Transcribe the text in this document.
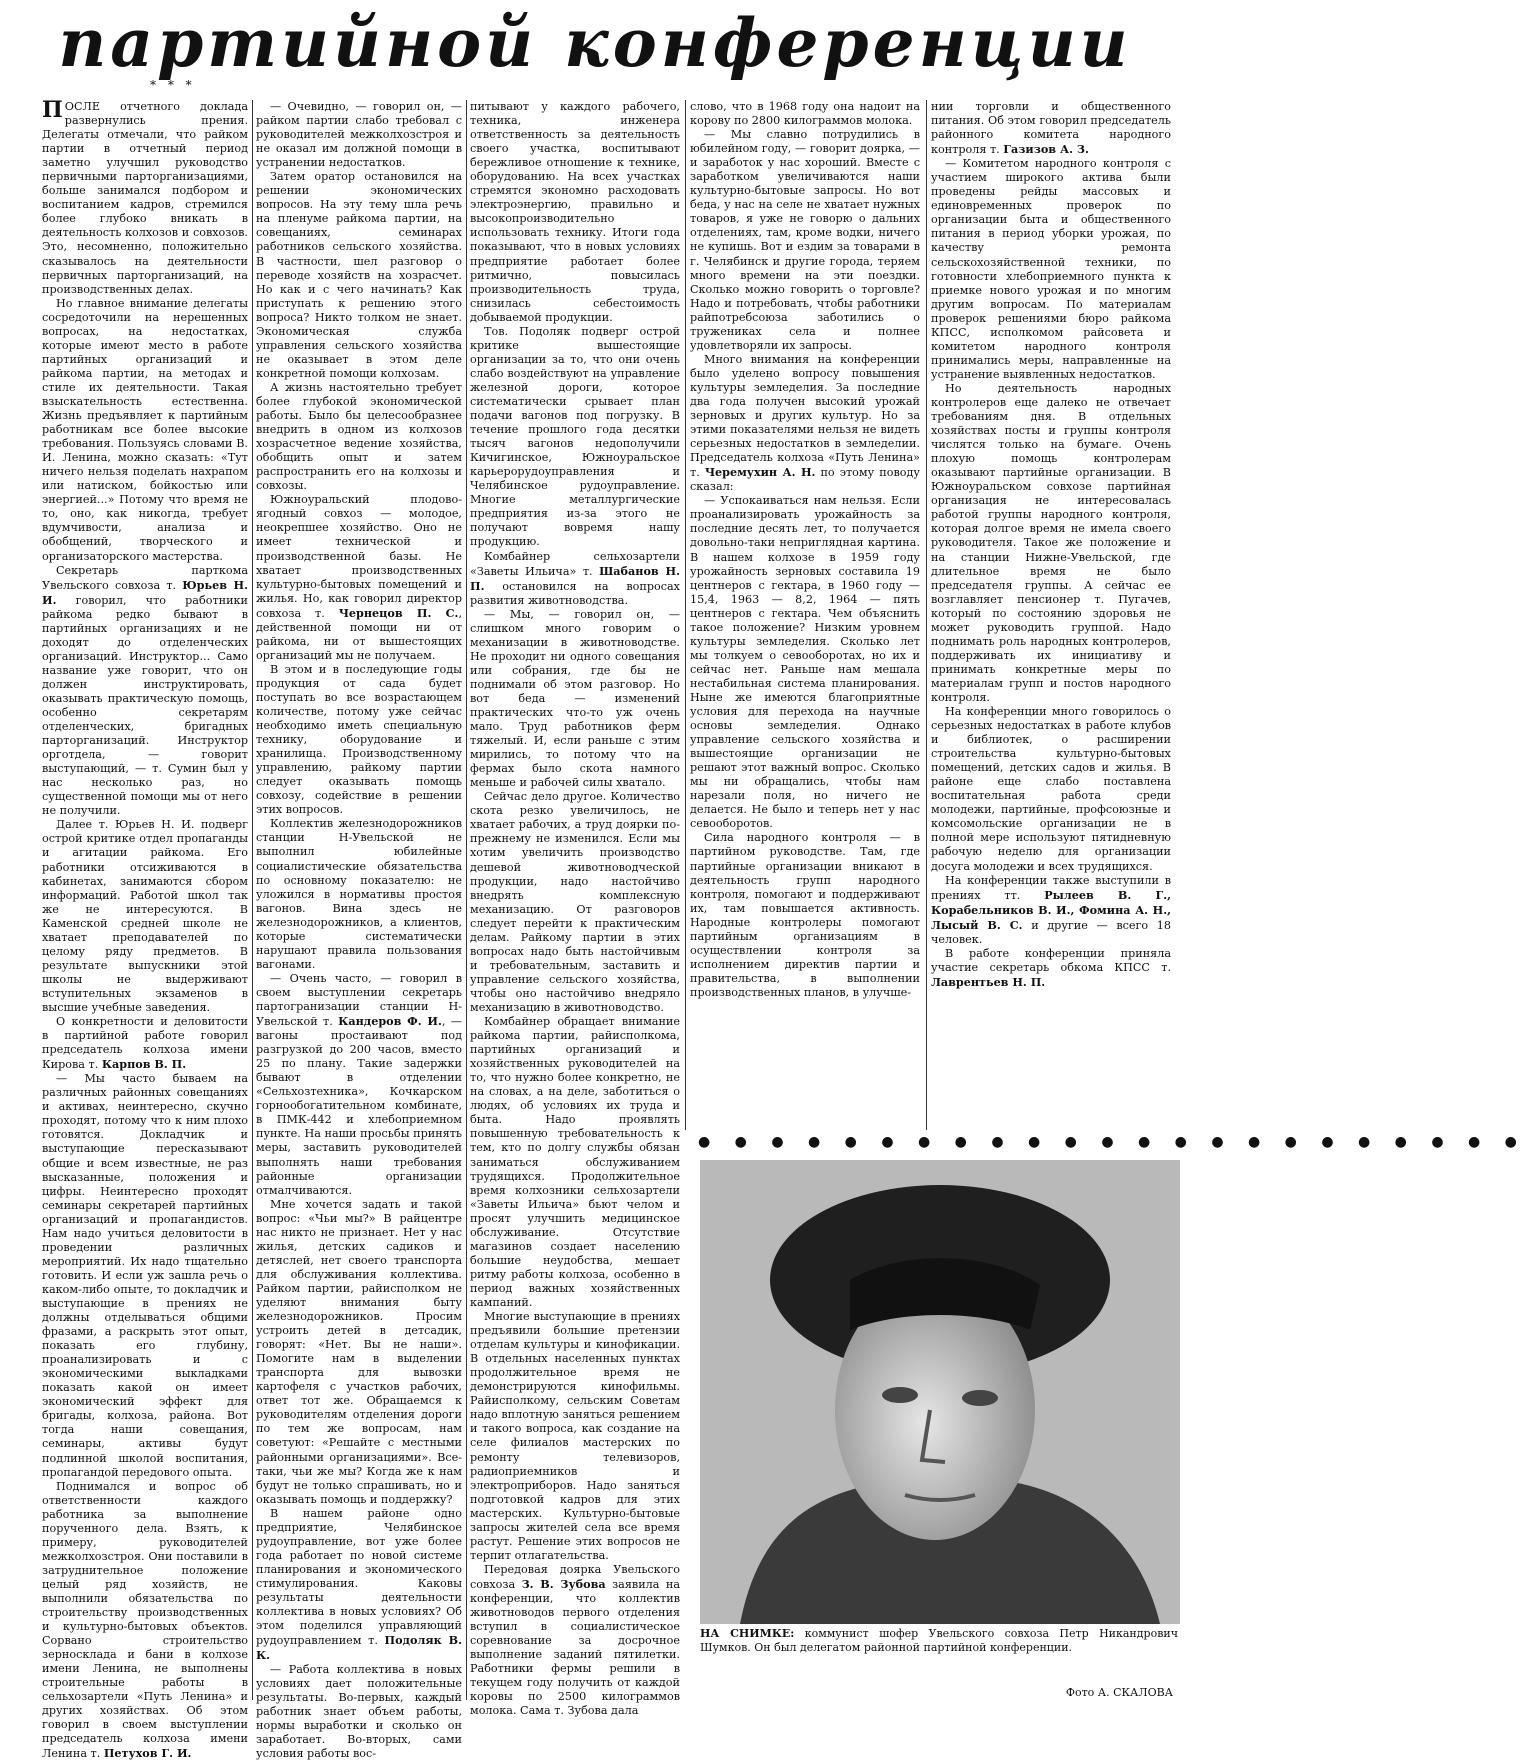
партийной конференции
* * *

ПОСЛЕ отчетного доклада развернулись прения. Делегаты отмечали, что райком партии в отчетный период заметно улучшил руководство первичными парторганизациями, больше занимался подбором и воспитанием кадров, стремился более глубоко вникать в деятельность колхозов и совхозов. Это, несомненно, положительно сказывалось на деятельности первичных парторганизаций, на производственных делах.

Но главное внимание делегаты сосредоточили на нерешенных вопросах, на недостатках, которые имеют место в работе партийных организаций и райкома партии, на методах и стиле их деятельности. Такая взыскательность естественна. Жизнь предъявляет к партийным работникам все более высокие требования. Пользуясь словами В. И. Ленина, можно сказать: «Тут ничего нельзя поделать нахрапом или натиском, бойкостью или энергией...» Потому что время не то, оно, как никогда, требует вдумчивости, анализа и обобщений, творческого и организаторского мастерства.

Секретарь парткома Увельского совхоза т. Юрьев Н. И. говорил, что работники райкома редко бывают в партийных организациях и не доходят до отделенческих организаций. Инструктор... Само название уже говорит, что он должен инструктировать, оказывать практическую помощь, особенно секретарям отделенческих, бригадных парторганизаций. Инструктор орготдела, — говорит выступающий, — т. Сумин был у нас несколько раз, но существенной помощи мы от него не получили.

Далее т. Юрьев Н. И. подверг острой критике отдел пропаганды и агитации райкома. Его работники отсиживаются в кабинетах, занимаются сбором информаций. Работой школ так же не интересуются. В Каменской средней школе не хватает преподавателей по целому ряду предметов. В результате выпускники этой школы не выдерживают вступительных экзаменов в высшие учебные заведения.

О конкретности и деловитости в партийной работе говорил председатель колхоза имени Кирова т. Карпов В. П.

— Мы часто бываем на различных районных совещаниях и активах, неинтересно, скучно проходят, потому что к ним плохо готовятся. Докладчик и выступающие пересказывают общие и всем известные, не раз высказанные, положения и цифры. Неинтересно проходят семинары секретарей партийных организаций и пропагандистов. Нам надо учиться деловитости в проведении различных мероприятий. Их надо тщательно готовить. И если уж зашла речь о каком-либо опыте, то докладчик и выступающие в прениях не должны отделываться общими фразами, а раскрыть этот опыт, показать его глубину, проанализировать и с экономическими выкладками показать какой он имеет экономический эффект для бригады, колхоза, района. Вот тогда наши совещания, семинары, активы будут подлинной школой воспитания, пропагандой передового опыта.

Поднимался и вопрос об ответственности каждого работника за выполнение порученного дела. Взять, к примеру, руководителей межколхозстроя. Они поставили в затруднительное положение целый ряд хозяйств, не выполнили обязательства по строительству производственных и культурно-бытовых объектов. Сорвано строительство зерносклада и бани в колхозе имени Ленина, не выполнены строительные работы в сельхозартели «Путь Ленина» и других хозяйствах. Об этом говорил в своем выступлении председатель колхоза имени Ленина т. Петухов Г. И.

— Очевидно, — говорил он, — райком партии слабо требовал с руководителей межколхозстроя и не оказал им должной помощи в устранении недостатков.

Затем оратор остановился на решении экономических вопросов. На эту тему шла речь на пленуме райкома партии, на совещаниях, семинарах работников сельского хозяйства. В частности, шел разговор о переводе хозяйств на хозрасчет. Но как и с чего начинать? Как приступать к решению этого вопроса? Никто толком не знает. Экономическая служба управления сельского хозяйства не оказывает в этом деле конкретной помощи колхозам.

А жизнь настоятельно требует более глубокой экономической работы. Было бы целесообразнее внедрить в одном из колхозов хозрасчетное ведение хозяйства, обобщить опыт и затем распространить его на колхозы и совхозы.

Южноуральский плодово-ягодный совхоз — молодое, неокрепшее хозяйство. Оно не имеет технической и производственной базы. Не хватает производственных культурно-бытовых помещений и жилья. Но, как говорил директор совхоза т. Чернецов П. С., действенной помощи ни от райкома, ни от вышестоящих организаций мы не получаем.

В этом и в последующие годы продукция от сада будет поступать во все возрастающем количестве, потому уже сейчас необходимо иметь специальную технику, оборудование и хранилища. Производственному управлению, райкому партии следует оказывать помощь совхозу, содействие в решении этих вопросов.

Коллектив железнодорожников станции Н-Увельской не выполнил юбилейные социалистические обязательства по основному показателю: не уложился в нормативы простоя вагонов. Вина здесь не железнодорожников, а клиентов, которые систематически нарушают правила пользования вагонами.

— Очень часто, — говорил в своем выступлении секретарь партогранизации станции Н-Увельской т. Кандеров Ф. И., — вагоны простаивают под разгрузкой до 200 часов, вместо 25 по плану. Такие задержки бывают в отделении «Сельхозтехника», Кочкарском горнообогатительном комбинате, в ПМК-442 и хлебоприемном пункте. На наши просьбы принять меры, заставить руководителей выполнять наши требования районные организации отмалчиваются.

Мне хочется задать и такой вопрос: «Чьи мы?» В райцентре нас никто не признает. Нет у нас жилья, детских садиков и детяслей, нет своего транспорта для обслуживания коллектива. Райком партии, райисполком не уделяют внимания быту железнодорожников. Просим устроить детей в детсадик, говорят: «Нет. Вы не наши». Помогите нам в выделении транспорта для вывозки картофеля с участков рабочих, ответ тот же. Обращаемся к руководителям отделения дороги по тем же вопросам, нам советуют: «Решайте с местными районными организациями». Все-таки, чьи же мы? Когда же к нам будут не только спрашивать, но и оказывать помощь и поддержку?

В нашем районе одно предприятие, Челябинское рудоуправление, вот уже более года работает по новой системе планирования и экономического стимулирования. Каковы результаты деятельности коллектива в новых условиях? Об этом поделился управляющий рудоуправлением т. Подоляк В. К.

— Работа коллектива в новых условиях дает положительные результаты. Во-первых, каждый работник знает объем работы, нормы выработки и сколько он заработает. Во-вторых, сами условия работы вос-

питывают у каждого рабочего, техника, инженера ответственность за деятельность своего участка, воспитывают бережливое отношение к технике, оборудованию. На всех участках стремятся экономно расходовать электроэнергию, правильно и высокопроизводительно использовать технику. Итоги года показывают, что в новых условиях предприятие работает более ритмично, повысилась производительность труда, снизилась себестоимость добываемой продукции.

Тов. Подоляк подверг острой критике вышестоящие организации за то, что они очень слабо воздействуют на управление железной дороги, которое систематически срывает план подачи вагонов под погрузку. В течение прошлого года десятки тысяч вагонов недополучили Кичигинское, Южноуральское карьерорудоуправления и Челябинское рудоуправление. Многие металлургические предприятия из-за этого не получают вовремя нашу продукцию.

Комбайнер сельхозартели «Заветы Ильича» т. Шабанов Н. П. остановился на вопросах развития животноводства.

— Мы, — говорил он, — слишком много говорим о механизации в животноводстве. Не проходит ни одного совещания или собрания, где бы не поднимали об этом разговор. Но вот беда — изменений практических что-то уж очень мало. Труд работников ферм тяжелый. И, если раньше с этим мирились, то потому что на фермах было скота намного меньше и рабочей силы хватало.

Сейчас дело другое. Количество скота резко увеличилось, не хватает рабочих, а труд доярки по-прежнему не изменился. Если мы хотим увеличить производство дешевой животноводческой продукции, надо настойчиво внедрять комплексную механизацию. От разговоров следует перейти к практическим делам. Райкому партии в этих вопросах надо быть настойчивым и требовательным, заставить и управление сельского хозяйства, чтобы оно настойчиво внедряло механизацию в животноводство.

Комбайнер обращает внимание райкома партии, райисполкома, партийных организаций и хозяйственных руководителей на то, что нужно более конкретно, не на словах, а на деле, заботиться о людях, об условиях их труда и быта. Надо проявлять повышенную требовательность к тем, кто по долгу службы обязан заниматься обслуживанием трудящихся. Продолжительное время колхозники сельхозартели «Заветы Ильича» бьют челом и просят улучшить медицинское обслуживание. Отсутствие магазинов создает населению большие неудобства, мешает ритму работы колхоза, особенно в период важных хозяйственных кампаний.

Многие выступающие в прениях предъявили большие претензии отделам культуры и кинофикации. В отдельных населенных пунктах продолжительное время не демонстрируются кинофильмы. Райисполкому, сельским Советам надо вплотную заняться решением и такого вопроса, как создание на селе филиалов мастерских по ремонту телевизоров, радиоприемников и электроприборов. Надо заняться подготовкой кадров для этих мастерских. Культурно-бытовые запросы жителей села все время растут. Решение этих вопросов не терпит отлагательства.

Передовая доярка Увельского совхоза З. В. Зубова заявила на конференции, что коллектив животноводов первого отделения вступил в социалистическое соревнование за досрочное выполнение заданий пятилетки. Работники фермы решили в текущем году получить от каждой коровы по 2500 килограммов молока. Сама т. Зубова дала

слово, что в 1968 году она надоит на корову по 2800 килограммов молока.

— Мы славно потрудились в юбилейном году, — говорит доярка, — и заработок у нас хороший. Вместе с заработком увеличиваются наши культурно-бытовые запросы. Но вот беда, у нас на селе не хватает нужных товаров, я уже не говорю о дальних отделениях, там, кроме водки, ничего не купишь. Вот и ездим за товарами в г. Челябинск и другие города, теряем много времени на эти поездки. Сколько можно говорить о торговле? Надо и потребовать, чтобы работники райпотребсоюза заботились о тружениках села и полнее удовлетворяли их запросы.

Много внимания на конференции было уделено вопросу повышения культуры земледелия. За последние два года получен высокий урожай зерновых и других культур. Но за этими показателями нельзя не видеть серьезных недостатков в земледелии. Председатель колхоза «Путь Ленина» т. Черемухин А. Н. по этому поводу сказал:

— Успокаиваться нам нельзя. Если проанализировать урожайность за последние десять лет, то получается довольно-таки неприглядная картина. В нашем колхозе в 1959 году урожайность зерновых составила 19 центнеров с гектара, в 1960 году — 15,4, 1963 — 8,2, 1964 — пять центнеров с гектара. Чем объяснить такое положение? Низким уровнем культуры земледелия. Сколько лет мы толкуем о севооборотах, но их и сейчас нет. Раньше нам мешала нестабильная система планирования. Ныне же имеются благоприятные условия для перехода на научные основы земледелия. Однако управление сельского хозяйства и вышестоящие организации не решают этот важный вопрос. Сколько мы ни обращались, чтобы нам нарезали поля, но ничего не делается. Не было и теперь нет у нас севооборотов.

Сила народного контроля — в партийном руководстве. Там, где партийные организации вникают в деятельность групп народного контроля, помогают и поддерживают их, там повышается активность. Народные контролеры помогают партийным организациям в осуществлении контроля за исполнением директив партии и правительства, в выполнении производственных планов, в улучше-

нии торговли и общественного питания. Об этом говорил председатель районного комитета народного контроля т. Газизов А. З.

— Комитетом народного контроля с участием широкого актива были проведены рейды массовых и единовременных проверок по организации быта и общественного питания в период уборки урожая, по качеству ремонта сельскохозяйственной техники, по готовности хлебоприемного пункта к приемке нового урожая и по многим другим вопросам. По материалам проверок решениями бюро райкома КПСС, исполкомом райсовета и комитетом народного контроля принимались меры, направленные на устранение выявленных недостатков.

Но деятельность народных контролеров еще далеко не отвечает требованиям дня. В отдельных хозяйствах посты и группы контроля числятся только на бумаге. Очень плохую помощь контролерам оказывают партийные организации. В Южноуральском совхозе партийная организация не интересовалась работой группы народного контроля, которая долгое время не имела своего руководителя. Такое же положение и на станции Нижне-Увельской, где длительное время не было председателя группы. А сейчас ее возглавляет пенсионер т. Пугачев, который по состоянию здоровья не может руководить группой. Надо поднимать роль народных контролеров, поддерживать их инициативу и принимать конкретные меры по материалам групп и постов народного контроля.

На конференции много говорилось о серьезных недостатках в работе клубов и библиотек, о расширении строительства культурно-бытовых помещений, детских садов и жилья. В районе еще слабо поставлена воспитательная работа среди молодежи, партийные, профсоюзные и комсомольские организации не в полной мере используют пятидневную рабочую неделю для организации досуга молодежи и всех трудящихся.

На конференции также выступили в прениях тт. Рылеев В. Г., Корабельников В. И., Фомина А. Н., Лысый В. С. и другие — всего 18 человек.

В работе конференции приняла участие секретарь обкома КПСС т. Лаврентьев Н. П.

● ● ● ● ● ● ● ● ● ● ● ● ● ● ● ● ● ● ● ● ● ● ●
НА СНИМКЕ: коммунист шофер Увельского совхоза Петр Никандрович Шумков. Он был делегатом районной партийной конференции.
Фото А. СКАЛОВА
